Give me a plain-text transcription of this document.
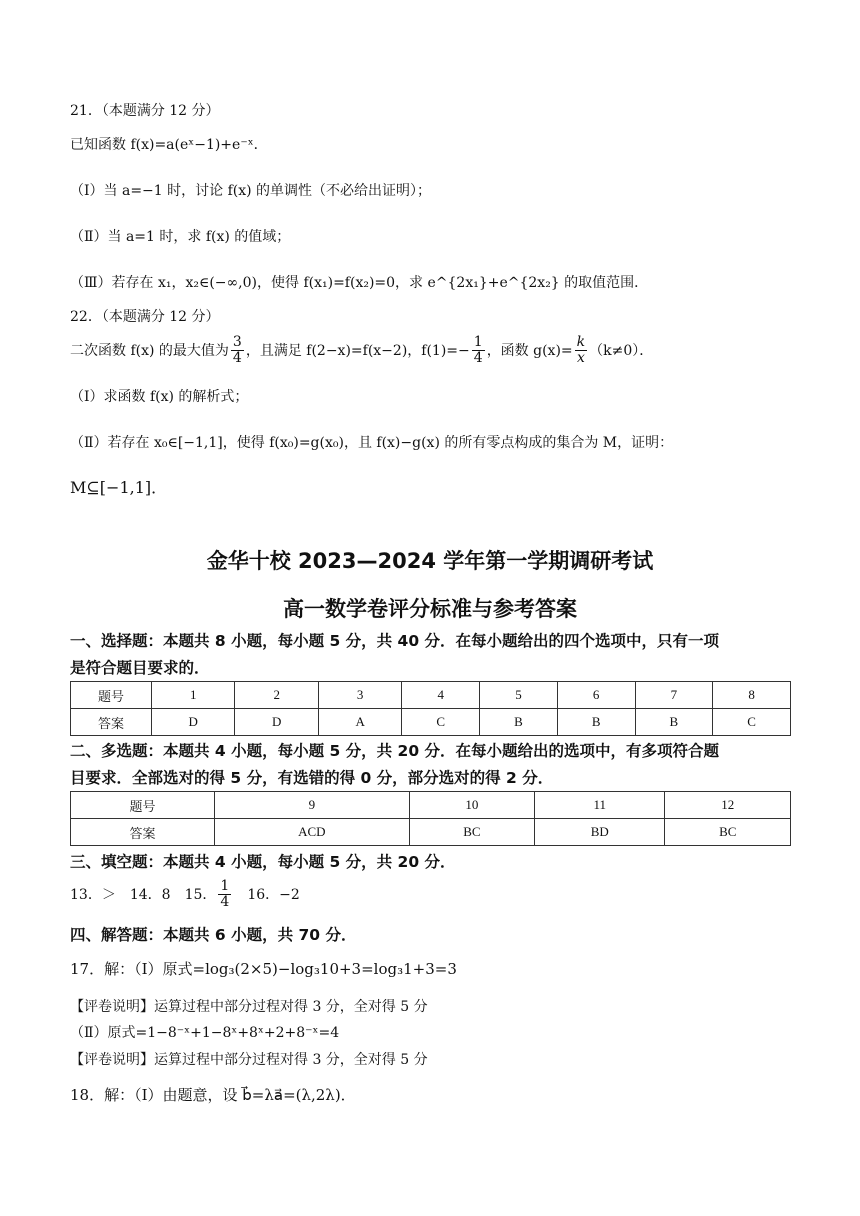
21．（本题满分 12 分）
已知函数 f(x)=a(eˣ−1)+e⁻ˣ．
（Ⅰ）当 a=−1 时，讨论 f(x) 的单调性（不必给出证明）；
（Ⅱ）当 a=1 时，求 f(x) 的值域；
（Ⅲ）若存在 x₁，x₂∈(−∞,0)，使得 f(x₁)=f(x₂)=0，求 e^{2x₁}+e^{2x₂} 的取值范围．
22．（本题满分 12 分）
二次函数 f(x) 的最大值为 $\frac{3}{4}$ ，且满足 f(2−x)=f(x−2)，$f(1)=- \frac{1}{4}$ ，函数 $g(x)= \frac{k}{x} (k\ne 0)$．
（Ⅰ）求函数 f(x) 的解析式；
（Ⅱ）若存在 x₀∈[−1,1]，使得 f(x₀)=g(x₀)，且 f(x)−g(x) 的所有零点构成的集合为 M，证明：
M⊆[−1,1]．
金华十校 2023—2024 学年第一学期调研考试
高一数学卷评分标准与参考答案
一、选择题：本题共 8 小题，每小题 5 分，共 40 分．在每小题给出的四个选项中，只有一项
是符合题目要求的．
题号	1	2	3	4	5	6	7	8
答案	D	D	A	C	B	B	B	C
二、多选题：本题共 4 小题，每小题 5 分，共 20 分．在每小题给出的选项中，有多项符合题
目要求．全部选对的得 5 分，有选错的得 0 分，部分选对的得 2 分．
题号	9	10	11	12
答案	ACD	BC	BD	BC
三、填空题：本题共 4 小题，每小题 5 分，共 20 分．
13．＞ 14．8 15． $\frac{1}{4} 16$．−2
四、解答题：本题共 6 小题，共 70 分．
17．解：（Ⅰ）原式=log₃(2×5)−log₃10+3=log₃1+3=3
【评卷说明】运算过程中部分过程对得 3 分，全对得 5 分
（Ⅱ）原式=1−8⁻ˣ+1−8ˣ+8ˣ+2+8⁻ˣ=4
【评卷说明】运算过程中部分过程对得 3 分，全对得 5 分
18．解：（Ⅰ）由题意，设 b⃗=λa⃗=(λ,2λ)．
